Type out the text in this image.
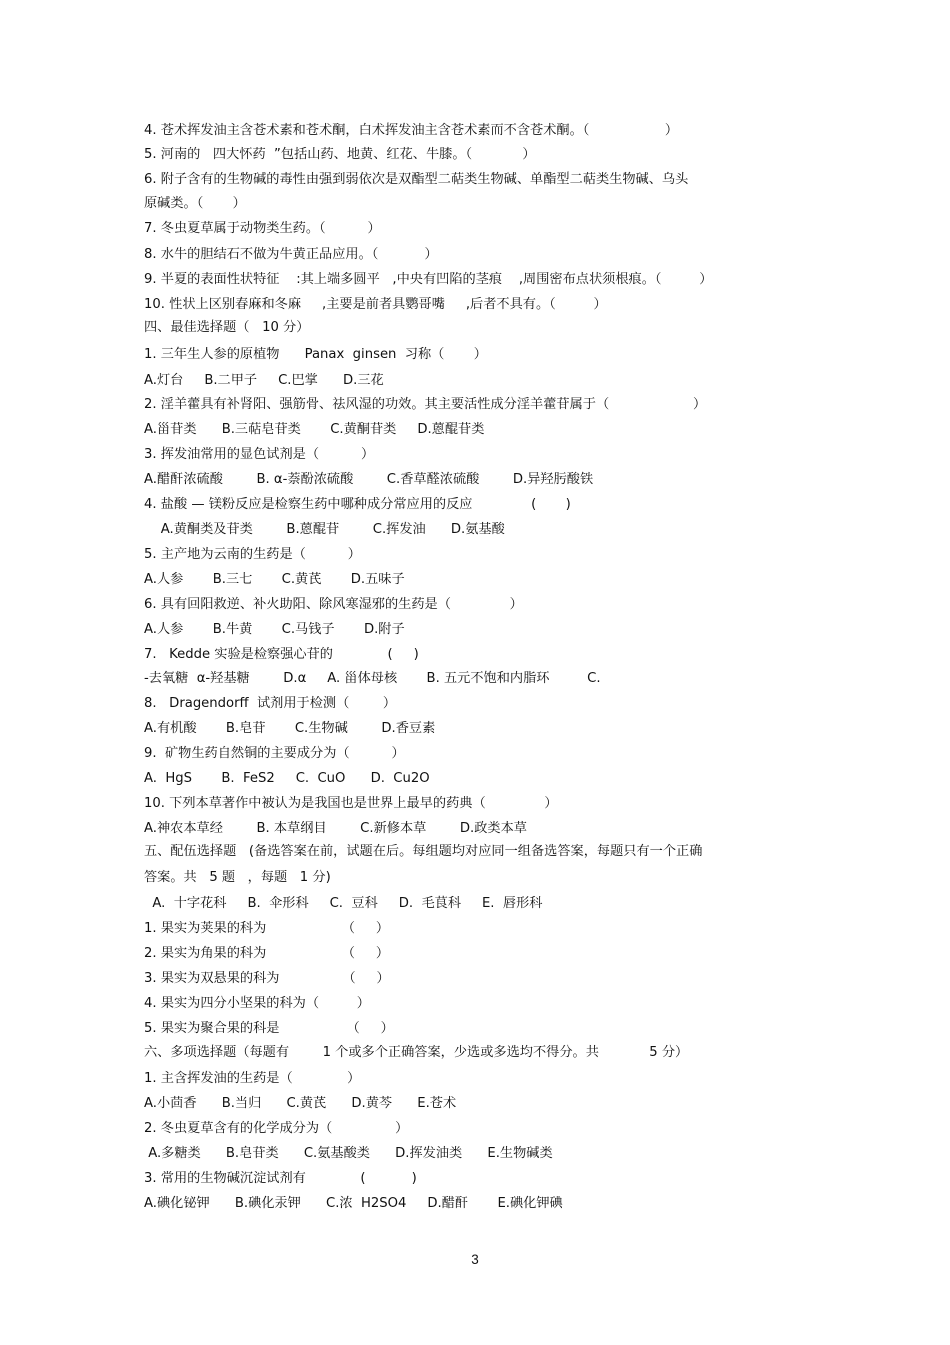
4. 苍术挥发油主含苍术素和苍术酮，白术挥发油主含苍术素而不含苍术酮。（                  ）
5. 河南的   四大怀药  ”包括山药、地黄、红花、牛膝。（            ）
6. 附子含有的生物碱的毒性由强到弱依次是双酯型二萜类生物碱、单酯型二萜类生物碱、乌头
原碱类。（       ）
7. 冬虫夏草属于动物类生药。（          ）
8. 水牛的胆结石不做为牛黄正品应用。（           ）
9. 半夏的表面性状特征    :其上端多圆平   ,中央有凹陷的茎痕    ,周围密布点状须根痕。（         ）
10. 性状上区别春麻和冬麻     ,主要是前者具鹦哥嘴     ,后者不具有。（         ）
四、最佳选择题（   10 分）
1. 三年生人参的原植物      Panax  ginsen  习称（       ）
A.灯台     B.二甲子     C.巴掌      D.三花
2. 淫羊藿具有补肾阳、强筋骨、祛风湿的功效。其主要活性成分淫羊藿苷属于（                    ）
A.甾苷类      B.三萜皂苷类       C.黄酮苷类     D.蒽醌苷类
3. 挥发油常用的显色试剂是（          ）
A.醋酐浓硫酸        B. α-萘酚浓硫酸        C.香草醛浓硫酸        D.异羟肟酸铁
4. 盐酸 — 镁粉反应是检察生药中哪种成分常应用的反应              (       )
A.黄酮类及苷类        B.蒽醌苷        C.挥发油      D.氨基酸
5. 主产地为云南的生药是（          ）
A.人参       B.三七       C.黄芪       D.五味子
6. 具有回阳救逆、补火助阳、除风寒湿邪的生药是（              ）
A.人参       B.牛黄       C.马钱子       D.附子
7.   Kedde 实验是检察强心苷的             (     )
-去氧糖  α-羟基糖        D.α     A. 甾体母核       B. 五元不饱和内脂环         C.
8.   Dragendorff  试剂用于检测（        ）
A.有机酸       B.皂苷       C.生物碱        D.香豆素
9.  矿物生药自然铜的主要成分为（          ）
A.  HgS       B.  FeS2     C.  CuO      D.  Cu2O
10. 下列本草著作中被认为是我国也是世界上最早的药典（              ）
A.神农本草经        B. 本草纲目        C.新修本草        D.政类本草
五、配伍选择题   (备选答案在前，试题在后。每组题均对应同一组备选答案，每题只有一个正确
答案。共   5 题   ，每题   1 分)
A.  十字花科     B.  伞形科     C.  豆科     D.  毛茛科     E.  唇形科
1. 果实为荚果的科为                  （     ）
2. 果实为角果的科为                  （     ）
3. 果实为双悬果的科为               （     ）
4. 果实为四分小坚果的科为（         ）
5. 果实为聚合果的科是                （     ）
六、多项选择题（每题有        1 个或多个正确答案，少选或多选均不得分。共            5 分）
1. 主含挥发油的生药是（             ）
A.小茴香      B.当归      C.黄芪      D.黄芩      E.苍术
2. 冬虫夏草含有的化学成分为（               ）
A.多糖类      B.皂苷类      C.氨基酸类      D.挥发油类      E.生物碱类
3. 常用的生物碱沉淀试剂有             (           )
A.碘化铋钾      B.碘化汞钾      C.浓  H2SO4     D.醋酐       E.碘化钾碘
3
